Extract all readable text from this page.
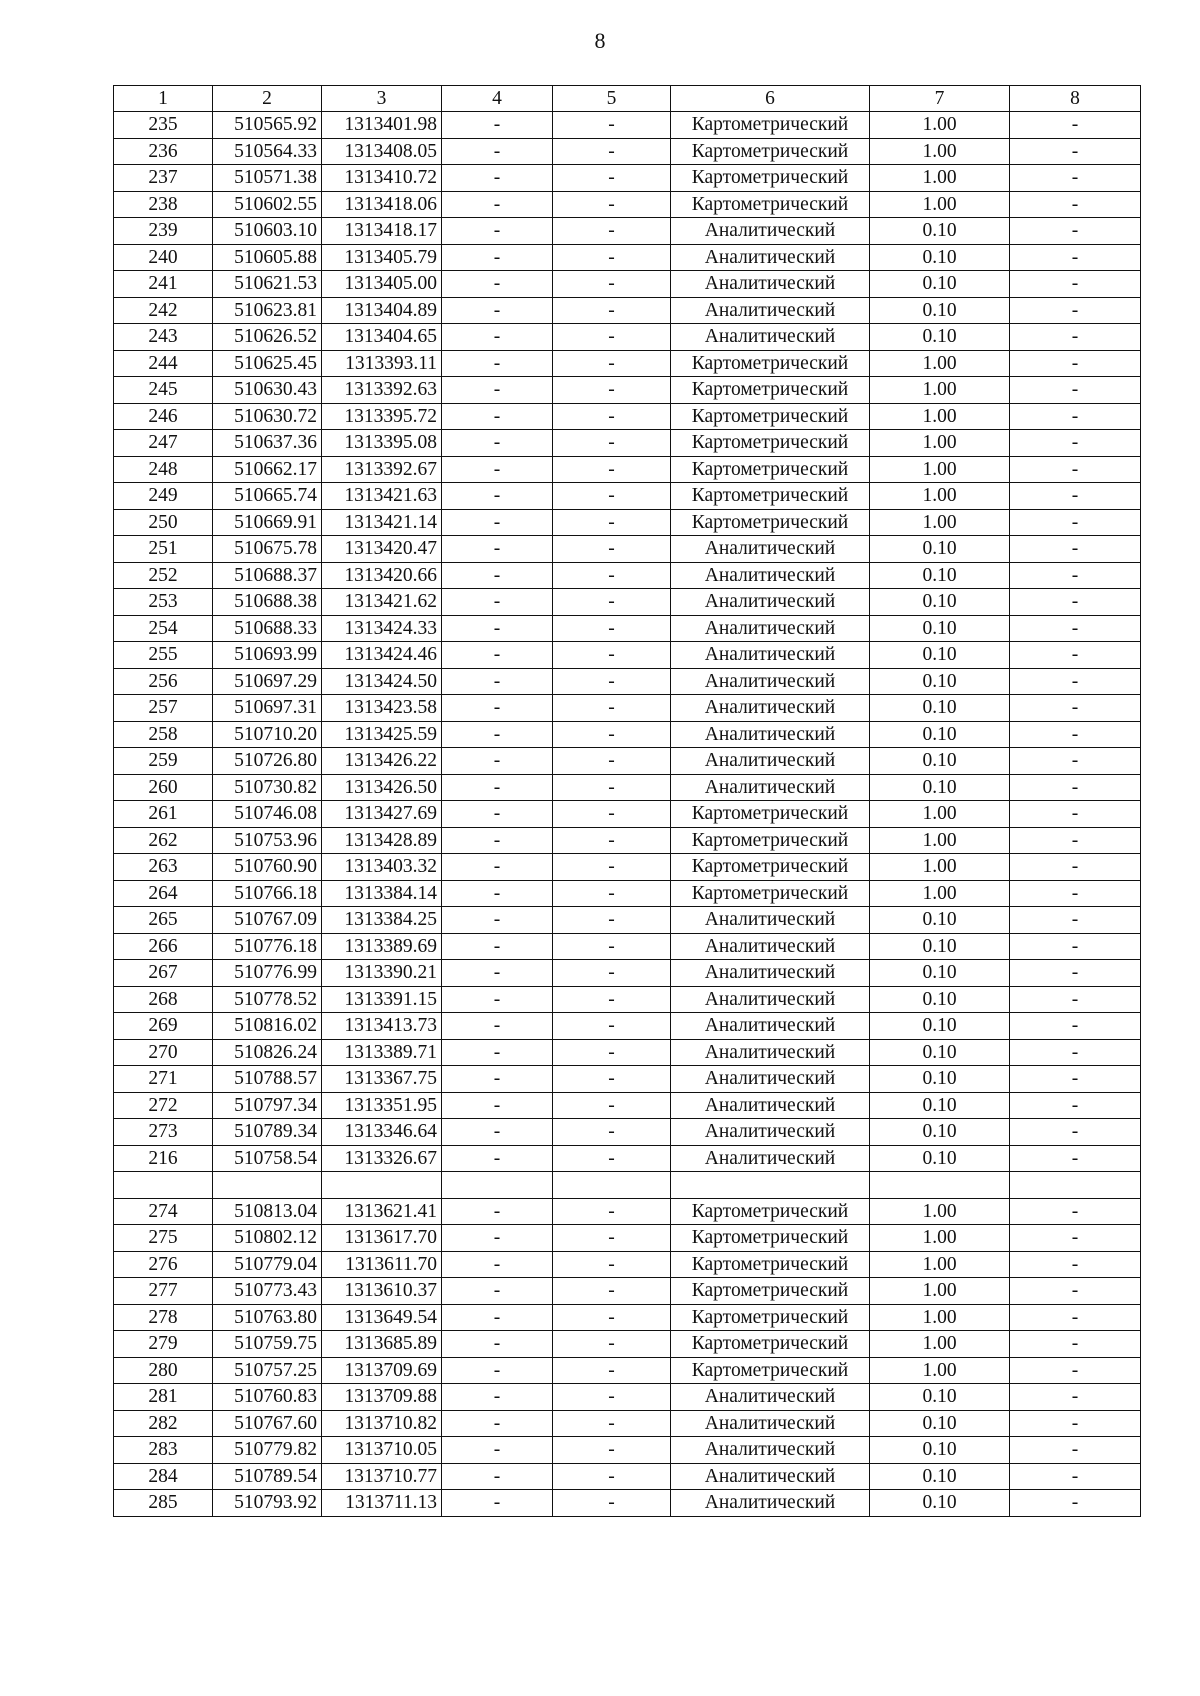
8
1	2	3	4	5	6	7	8
235	510565.92	1313401.98	-	-	Картометрический	1.00	-
236	510564.33	1313408.05	-	-	Картометрический	1.00	-
237	510571.38	1313410.72	-	-	Картометрический	1.00	-
238	510602.55	1313418.06	-	-	Картометрический	1.00	-
239	510603.10	1313418.17	-	-	Аналитический	0.10	-
240	510605.88	1313405.79	-	-	Аналитический	0.10	-
241	510621.53	1313405.00	-	-	Аналитический	0.10	-
242	510623.81	1313404.89	-	-	Аналитический	0.10	-
243	510626.52	1313404.65	-	-	Аналитический	0.10	-
244	510625.45	1313393.11	-	-	Картометрический	1.00	-
245	510630.43	1313392.63	-	-	Картометрический	1.00	-
246	510630.72	1313395.72	-	-	Картометрический	1.00	-
247	510637.36	1313395.08	-	-	Картометрический	1.00	-
248	510662.17	1313392.67	-	-	Картометрический	1.00	-
249	510665.74	1313421.63	-	-	Картометрический	1.00	-
250	510669.91	1313421.14	-	-	Картометрический	1.00	-
251	510675.78	1313420.47	-	-	Аналитический	0.10	-
252	510688.37	1313420.66	-	-	Аналитический	0.10	-
253	510688.38	1313421.62	-	-	Аналитический	0.10	-
254	510688.33	1313424.33	-	-	Аналитический	0.10	-
255	510693.99	1313424.46	-	-	Аналитический	0.10	-
256	510697.29	1313424.50	-	-	Аналитический	0.10	-
257	510697.31	1313423.58	-	-	Аналитический	0.10	-
258	510710.20	1313425.59	-	-	Аналитический	0.10	-
259	510726.80	1313426.22	-	-	Аналитический	0.10	-
260	510730.82	1313426.50	-	-	Аналитический	0.10	-
261	510746.08	1313427.69	-	-	Картометрический	1.00	-
262	510753.96	1313428.89	-	-	Картометрический	1.00	-
263	510760.90	1313403.32	-	-	Картометрический	1.00	-
264	510766.18	1313384.14	-	-	Картометрический	1.00	-
265	510767.09	1313384.25	-	-	Аналитический	0.10	-
266	510776.18	1313389.69	-	-	Аналитический	0.10	-
267	510776.99	1313390.21	-	-	Аналитический	0.10	-
268	510778.52	1313391.15	-	-	Аналитический	0.10	-
269	510816.02	1313413.73	-	-	Аналитический	0.10	-
270	510826.24	1313389.71	-	-	Аналитический	0.10	-
271	510788.57	1313367.75	-	-	Аналитический	0.10	-
272	510797.34	1313351.95	-	-	Аналитический	0.10	-
273	510789.34	1313346.64	-	-	Аналитический	0.10	-
216	510758.54	1313326.67	-	-	Аналитический	0.10	-

274	510813.04	1313621.41	-	-	Картометрический	1.00	-
275	510802.12	1313617.70	-	-	Картометрический	1.00	-
276	510779.04	1313611.70	-	-	Картометрический	1.00	-
277	510773.43	1313610.37	-	-	Картометрический	1.00	-
278	510763.80	1313649.54	-	-	Картометрический	1.00	-
279	510759.75	1313685.89	-	-	Картометрический	1.00	-
280	510757.25	1313709.69	-	-	Картометрический	1.00	-
281	510760.83	1313709.88	-	-	Аналитический	0.10	-
282	510767.60	1313710.82	-	-	Аналитический	0.10	-
283	510779.82	1313710.05	-	-	Аналитический	0.10	-
284	510789.54	1313710.77	-	-	Аналитический	0.10	-
285	510793.92	1313711.13	-	-	Аналитический	0.10	-
